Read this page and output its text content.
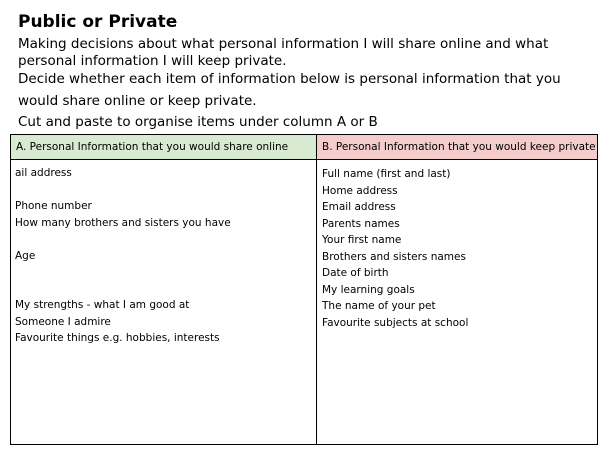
Public or Private
Making decisions about what personal information I will share online and what
personal information I will keep private.
Decide whether each item of information below is personal information that you
would share online or keep private.
Cut and paste to organise items under column A or B
A. Personal Information that you would share online	B. Personal Information that you would keep private
ail address
Phone number
How many brothers and sisters you have
Age
My strengths - what I am good at
Someone I admire
Favourite things e.g. hobbies, interests
Full name (first and last)
Home address
Email address
Parents names
Your first name
Brothers and sisters names
Date of birth
My learning goals
The name of your pet
Favourite subjects at school
